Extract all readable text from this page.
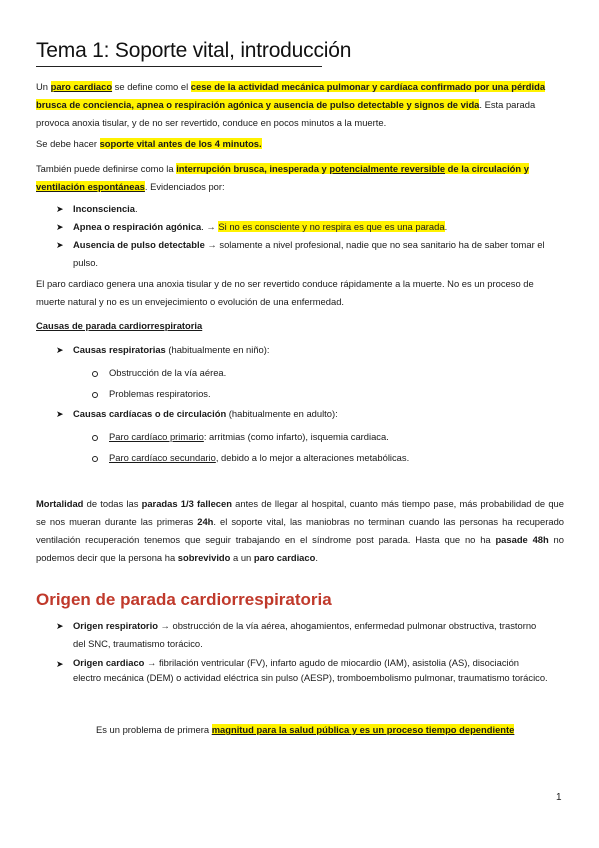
Tema 1: Soporte vital, introducción
Un paro cardiaco se define como el cese de la actividad mecánica pulmonar y cardíaca confirmado por una pérdida brusca de conciencia, apnea o respiración agónica y ausencia de pulso detectable y signos de vida. Esta parada provoca anoxia tisular, y de no ser revertido, conduce en pocos minutos a la muerte.
Se debe hacer soporte vital antes de los 4 minutos.
También puede definirse como la interrupción brusca, inesperada y potencialmente reversible de la circulación y ventilación espontáneas. Evidenciados por:
➤ Inconsciencia.
➤ Apnea o respiración agónica. → Si no es consciente y no respira es que es una parada.
➤ Ausencia de pulso detectable → solamente a nivel profesional, nadie que no sea sanitario ha de saber tomar el pulso.
El paro cardiaco genera una anoxia tisular y de no ser revertido conduce rápidamente a la muerte. No es un proceso de muerte natural y no es un envejecimiento o evolución de una enfermedad.
Causas de parada cardiorrespiratoria
➤ Causas respiratorias (habitualmente en niño):
Obstrucción de la vía aérea.
Problemas respiratorios.
➤ Causas cardíacas o de circulación (habitualmente en adulto):
Paro cardíaco primario: arritmias (como infarto), isquemia cardiaca.
Paro cardíaco secundario, debido a lo mejor a alteraciones metabólicas.
Mortalidad de todas las paradas 1/3 fallecen antes de llegar al hospital, cuanto más tiempo pase, más probabilidad de que se nos mueran durante las primeras 24h. el soporte vital, las maniobras no terminan cuando las personas ha recuperado ventilación recuperación tenemos que seguir trabajando en el síndrome post parada. Hasta que no ha pasade 48h no podemos decir que la persona ha sobrevivido a un paro cardiaco.
Origen de parada cardiorrespiratoria
➤ Origen respiratorio → obstrucción de la vía aérea, ahogamientos, enfermedad pulmonar obstructiva, trastorno del SNC, traumatismo torácico.
➤ Origen cardiaco → fibrilación ventricular (FV), infarto agudo de miocardio (IAM), asistolia (AS), disociación electro mecánica (DEM) o actividad eléctrica sin pulso (AESP), tromboembolismo pulmonar, traumatismo torácico.
Es un problema de primera magnitud para la salud pública y es un proceso tiempo dependiente
1
